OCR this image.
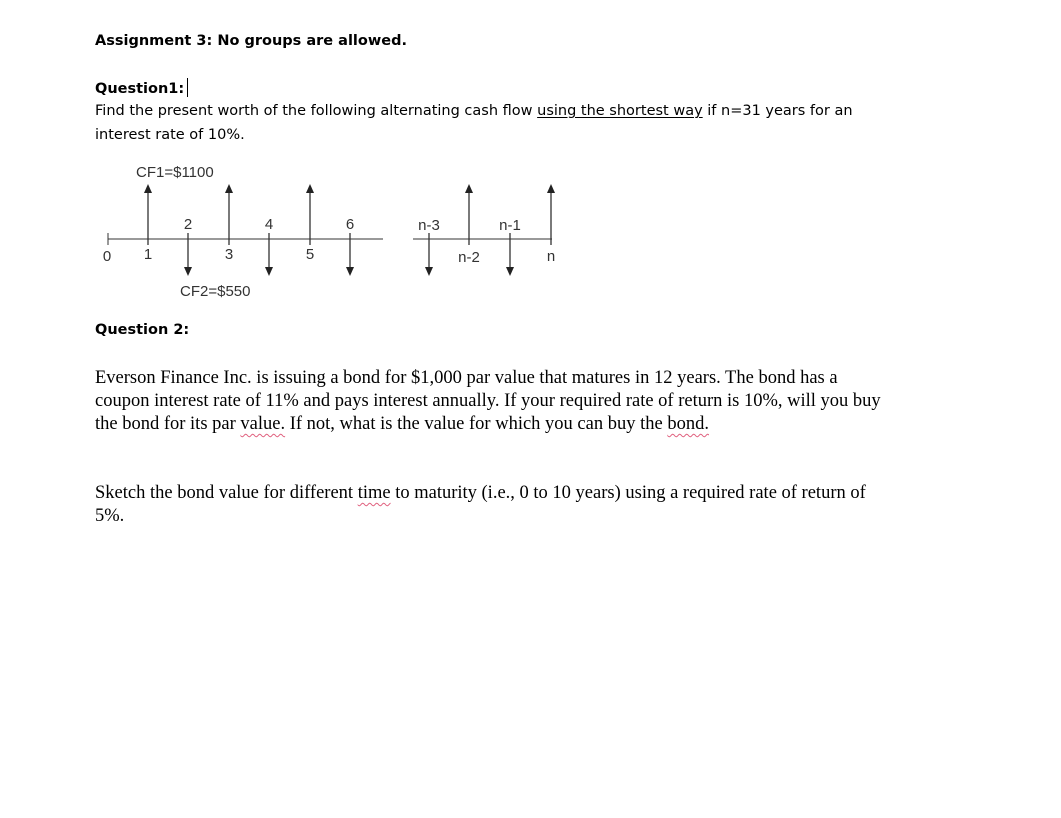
Assignment 3: No groups are allowed.
Question1:
Find the present worth of the following alternating cash flow using the shortest way if n=31 years for an interest rate of 10%.
0 1
2
3
4
5
6	n-3
n-2
n-1
n
CF1=$1100
CF2=$550
Question 2:
Everson Finance Inc. is issuing a bond for $1,000 par value that matures in 12 years. The bond has a coupon interest rate of 11% and pays interest annually. If your required rate of return is 10%, will you buy the bond for its par value. If not, what is the value for which you can buy the bond.
Sketch the bond value for different time to maturity (i.e., 0 to 10 years) using a required rate of return of 5%.
